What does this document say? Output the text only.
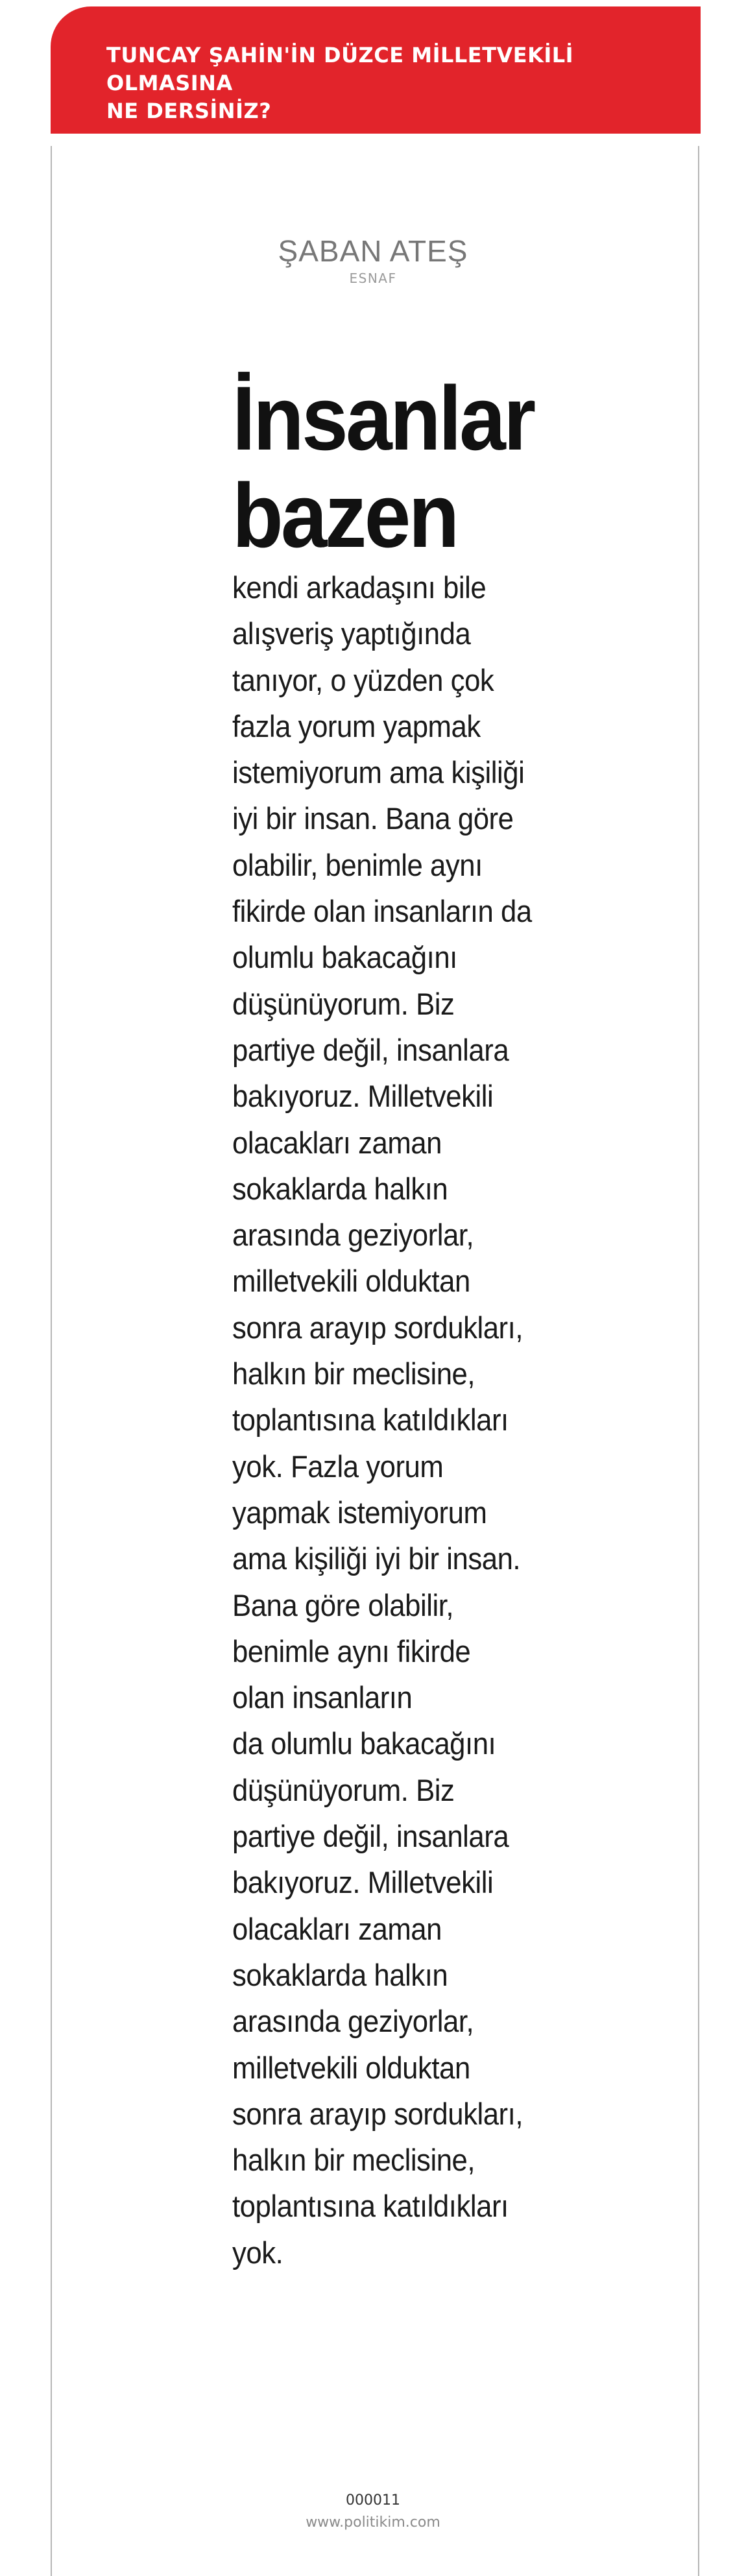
TUNCAY ŞAHİN'İN DÜZCE MİLLETVEKİLİ OLMASINA
NE DERSİNİZ?
ŞABAN ATEŞ
ESNAF
İnsanlar
bazen

kendi arkadaşını bile
alışveriş yaptığında
tanıyor, o yüzden çok
fazla yorum yapmak
istemiyorum ama kişiliği
iyi bir insan. Bana göre
olabilir, benimle aynı
fikirde olan insanların da
olumlu bakacağını
düşünüyorum. Biz
partiye değil, insanlara
bakıyoruz. Milletvekili
olacakları zaman
sokaklarda halkın
arasında geziyorlar,
milletvekili olduktan
sonra arayıp sordukları,
halkın bir meclisine,
toplantısına katıldıkları
yok. Fazla yorum
yapmak istemiyorum
ama kişiliği iyi bir insan.
Bana göre olabilir,
benimle aynı fikirde
olan insanların
da olumlu bakacağını
düşünüyorum. Biz
partiye değil, insanlara
bakıyoruz. Milletvekili
olacakları zaman
sokaklarda halkın
arasında geziyorlar,
milletvekili olduktan
sonra arayıp sordukları,
halkın bir meclisine,
toplantısına katıldıkları
yok.

000011
www.politikim.com
